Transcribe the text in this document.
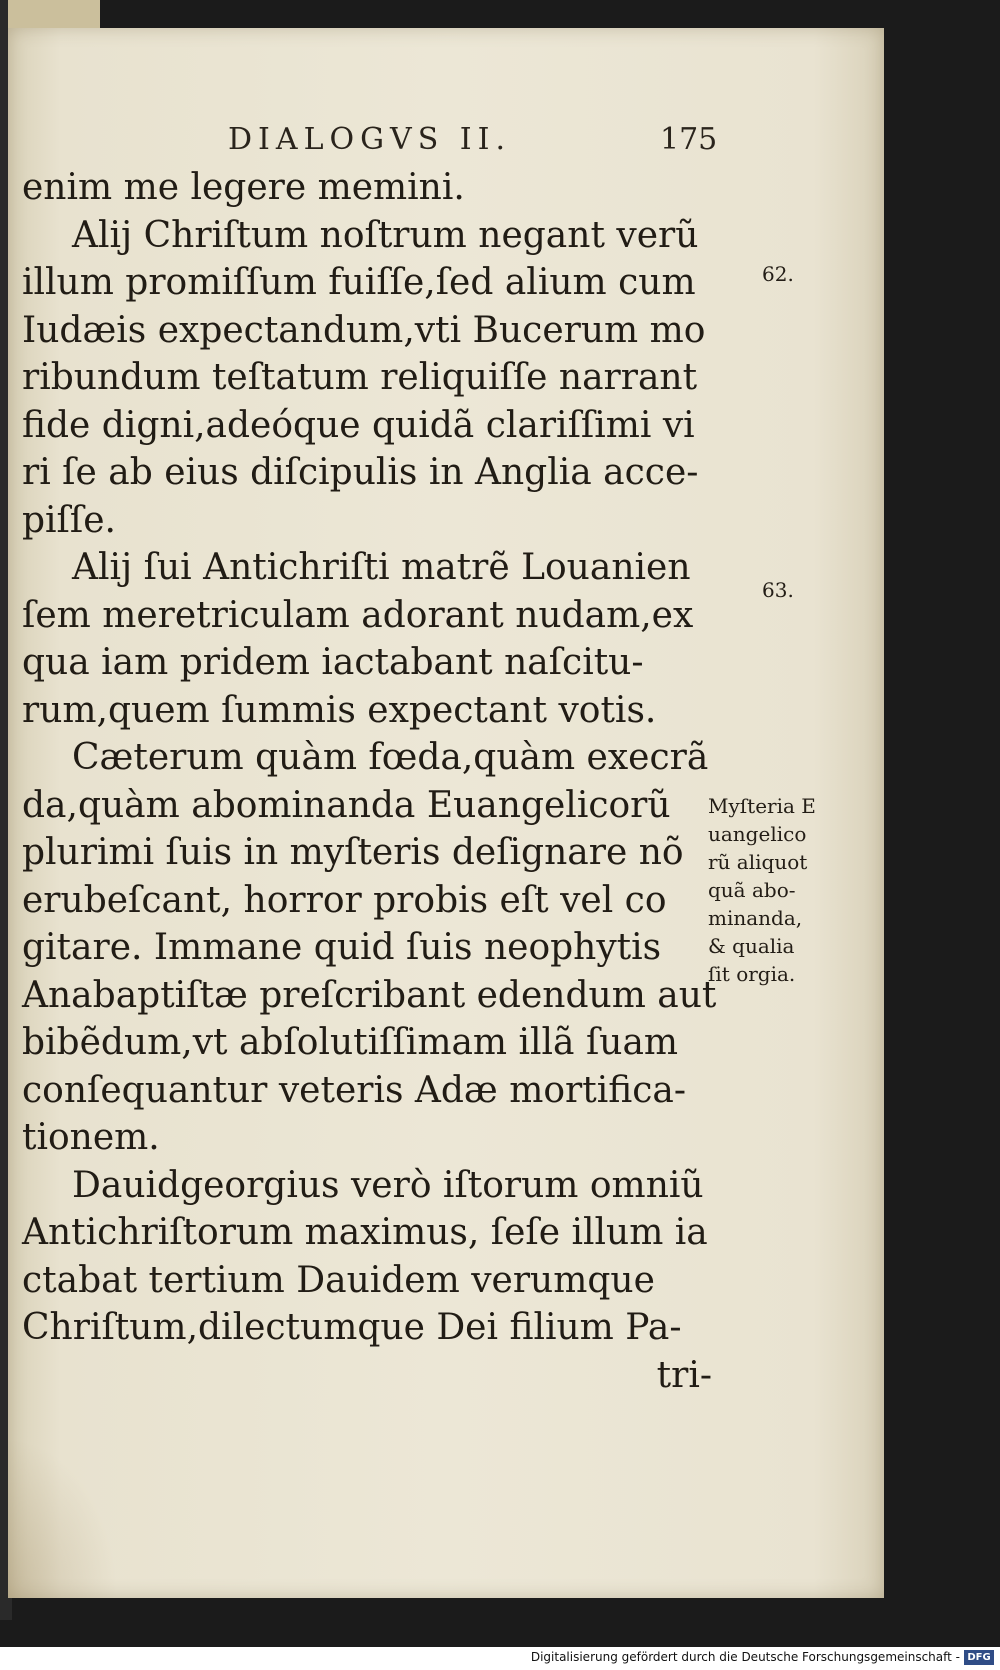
DIALOGVS II.	175
enim me legere memini.
Alij Chriſtum noſtrum negant verũ
illum promiſſum fuiſſe,ſed alium cum
Iudæis expectandum,vti Bucerum mo
ribundum teſtatum reliquiſſe narrant
fide digni,adeóque quidã clariſſimi vi
ri ſe ab eius diſcipulis in Anglia acce-
piſſe.
Alij ſui Antichriſti matrẽ Louanien
ſem meretriculam adorant nudam,ex
qua iam pridem iactabant naſcitu-
rum,quem ſummis expectant votis.
Cæterum quàm fœda,quàm execrã
da,quàm abominanda Euangelicorũ
plurimi ſuis in myſteris deſignare nõ
erubeſcant, horror probis eſt vel co
gitare. Immane quid ſuis neophytis
Anabaptiſtæ preſcribant edendum aut
bibẽdum,vt abſolutiſſimam illã ſuam
conſequantur veteris Adæ mortifica-
tionem.
Dauidgeorgius verò iſtorum omniũ
Antichriſtorum maximus, ſeſe illum ia
ctabat tertium Dauidem verumque
Chriſtum,dilectumque Dei filium Pa-
tri-
62.
63.
Myſteria E
uangelico
rũ aliquot
quã abo-
minanda,
& qualia
ſit orgia.
Digitalisierung gefördert durch die Deutsche Forschungsgemeinschaft - DFG
